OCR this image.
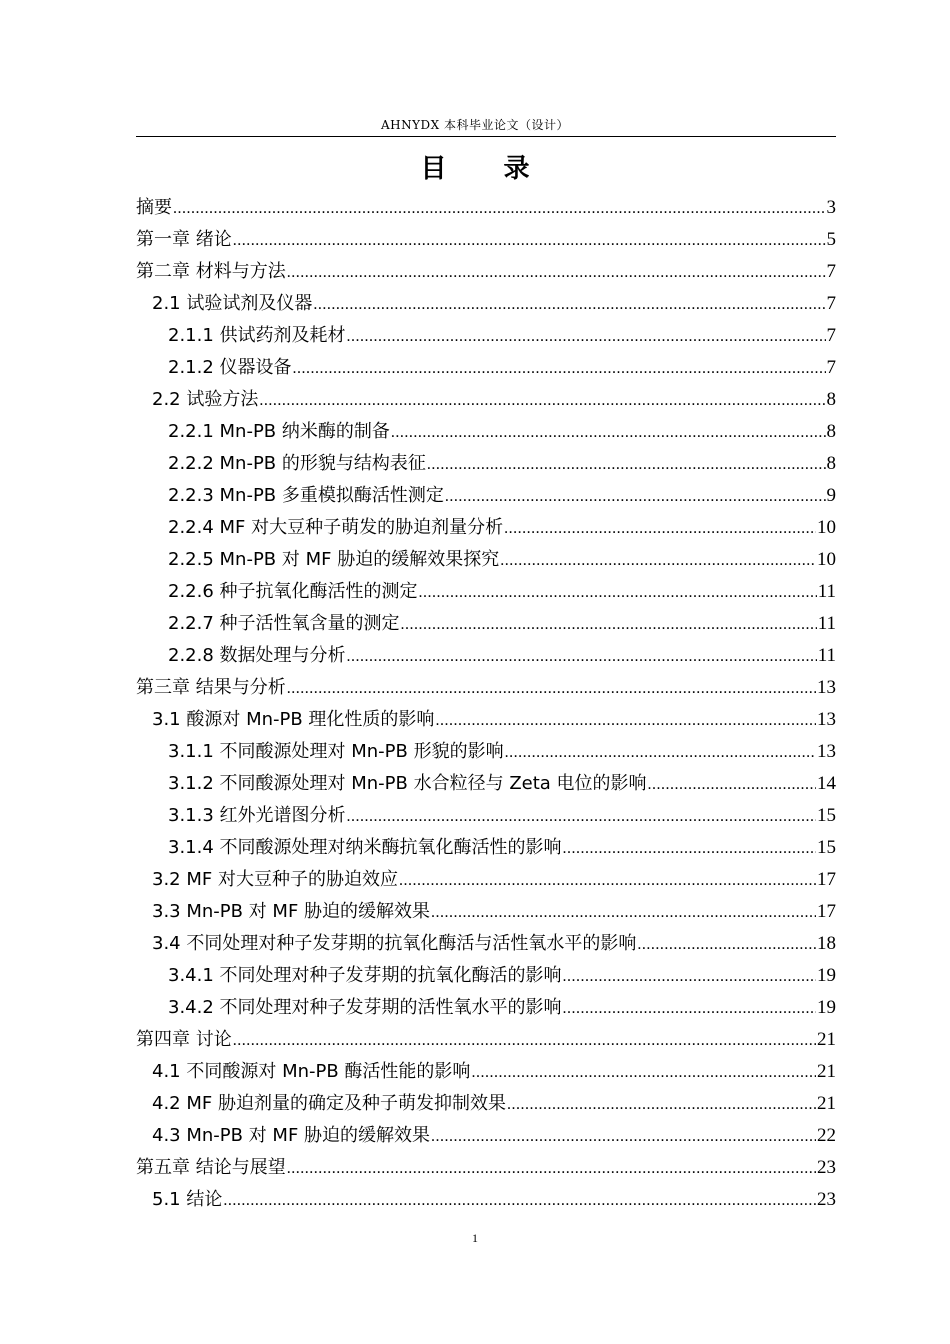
AHNYDX 本科毕业论文（设计）
目 录
摘要 .....	3
第一章 绪论 .....	5
第二章 材料与方法 .....	7
2.1 试验试剂及仪器 .....	7
2.1.1 供试药剂及耗材 .....	7
2.1.2 仪器设备 .....	7
2.2 试验方法 .....	8
2.2.1 Mn-PB 纳米酶的制备 .....	8
2.2.2 Mn-PB 的形貌与结构表征 .....	8
2.2.3 Mn-PB 多重模拟酶活性测定 .....	9
2.2.4 MF 对大豆种子萌发的胁迫剂量分析 .....	10
2.2.5 Mn-PB 对 MF 胁迫的缓解效果探究 .....	10
2.2.6 种子抗氧化酶活性的测定 .....	11
2.2.7 种子活性氧含量的测定 .....	11
2.2.8 数据处理与分析 .....	11
第三章 结果与分析 .....	13
3.1 酸源对 Mn-PB 理化性质的影响 .....	13
3.1.1 不同酸源处理对 Mn-PB 形貌的影响 .....	13
3.1.2 不同酸源处理对 Mn-PB 水合粒径与 Zeta 电位的影响 .....	14
3.1.3 红外光谱图分析 .....	15
3.1.4 不同酸源处理对纳米酶抗氧化酶活性的影响 .....	15
3.2 MF 对大豆种子的胁迫效应 .....	17
3.3 Mn-PB 对 MF 胁迫的缓解效果 .....	17
3.4 不同处理对种子发芽期的抗氧化酶活与活性氧水平的影响 .....	18
3.4.1 不同处理对种子发芽期的抗氧化酶活的影响 .....	19
3.4.2 不同处理对种子发芽期的活性氧水平的影响 .....	19
第四章 讨论 .....	21
4.1 不同酸源对 Mn-PB 酶活性能的影响 .....	21
4.2 MF 胁迫剂量的确定及种子萌发抑制效果 .....	21
4.3 Mn-PB 对 MF 胁迫的缓解效果 .....	22
第五章 结论与展望 .....	23
5.1 结论 .....	23
1
